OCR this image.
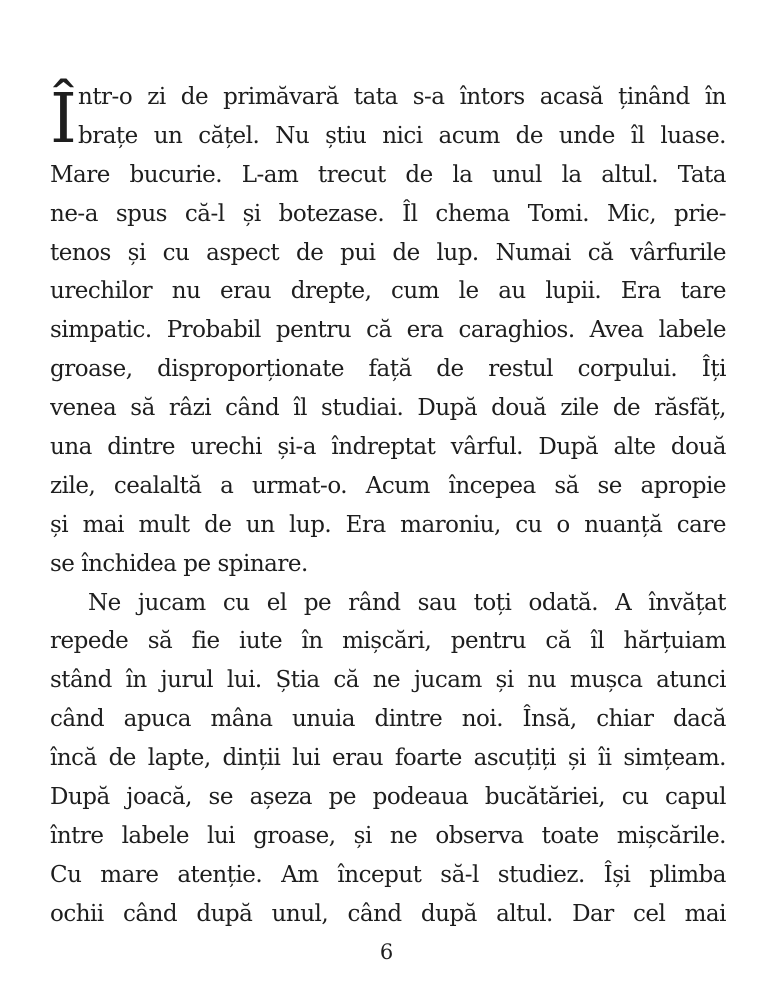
Î ntr-o zi de primăvară tata s-a întors acasă ținând în
brațe un cățel. Nu știu nici acum de unde îl luase.
Mare bucurie. L-am trecut de la unul la altul. Tata
ne-a spus că-l și botezase. Îl chema Tomi. Mic, prie-
tenos și cu aspect de pui de lup. Numai că vârfurile
urechilor nu erau drepte, cum le au lupii. Era tare
simpatic. Probabil pentru că era caraghios. Avea labele
groase, disproporționate față de restul corpului. Îți
venea să râzi când îl studiai. După două zile de răsfăț,
una dintre urechi și-a îndreptat vârful. După alte două
zile, cealaltă a urmat-o. Acum începea să se apropie
și mai mult de un lup. Era maroniu, cu o nuanță care
se închidea pe spinare.
Ne jucam cu el pe rând sau toți odată. A învățat
repede să fie iute în mișcări, pentru că îl hărțuiam
stând în jurul lui. Știa că ne jucam și nu mușca atunci
când apuca mâna unuia dintre noi. Însă, chiar dacă
încă de lapte, dinții lui erau foarte ascuțiți și îi simțeam.
După joacă, se așeza pe podeaua bucătăriei, cu capul
între labele lui groase, și ne observa toate mișcările.
Cu mare atenție. Am început să-l studiez. Își plimba
ochii când după unul, când după altul. Dar cel mai
6
